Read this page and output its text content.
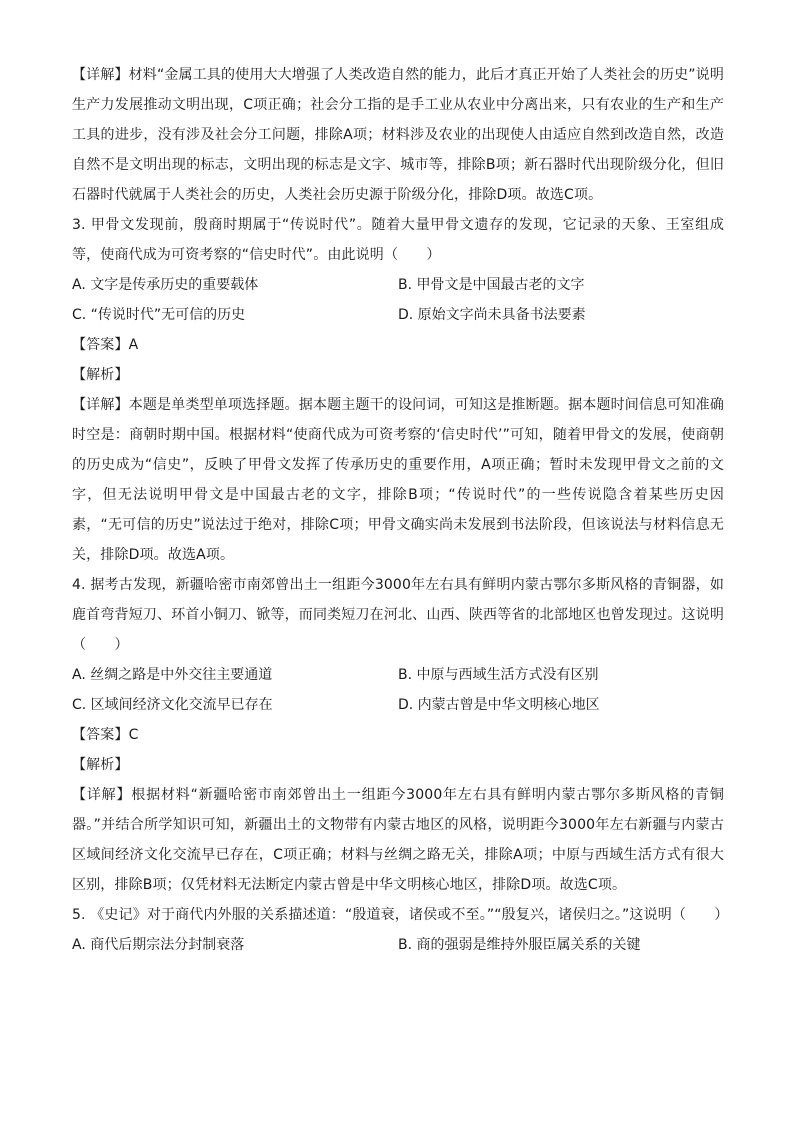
【详解】材料“金属工具的使用大大增强了人类改造自然的能力，此后才真正开始了人类社会的历史”说明生产力发展推动文明出现，C项正确；社会分工指的是手工业从农业中分离出来，只有农业的生产和生产工具的进步，没有涉及社会分工问题，排除A项；材料涉及农业的出现使人由适应自然到改造自然，改造自然不是文明出现的标志，文明出现的标志是文字、城市等，排除B项；新石器时代出现阶级分化，但旧石器时代就属于人类社会的历史，人类社会历史源于阶级分化，排除D项。故选C项。

3. 甲骨文发现前，殷商时期属于“传说时代”。随着大量甲骨文遗存的发现，它记录的天象、王室组成等，使商代成为可资考察的“信史时代”。由此说明（　　）

A. 文字是传承历史的重要载体	B. 甲骨文是中国最古老的文字
C. “传说时代”无可信的历史	D. 原始文字尚未具备书法要素

【答案】A

【解析】

【详解】本题是单类型单项选择题。据本题主题干的设问词，可知这是推断题。据本题时间信息可知准确时空是：商朝时期中国。根据材料“使商代成为可资考察的‘信史时代’”可知，随着甲骨文的发展，使商朝的历史成为“信史”，反映了甲骨文发挥了传承历史的重要作用，A项正确；暂时未发现甲骨文之前的文字，但无法说明甲骨文是中国最古老的文字，排除B项；“传说时代”的一些传说隐含着某些历史因素，“无可信的历史”说法过于绝对，排除C项；甲骨文确实尚未发展到书法阶段，但该说法与材料信息无关，排除D项。故选A项。

4. 据考古发现，新疆哈密市南郊曾出土一组距今3000年左右具有鲜明内蒙古鄂尔多斯风格的青铜器，如鹿首弯背短刀、环首小铜刀、锨等，而同类短刀在河北、山西、陕西等省的北部地区也曾发现过。这说明（　　）

A. 丝绸之路是中外交往主要通道	B. 中原与西域生活方式没有区别
C. 区域间经济文化交流早已存在	D. 内蒙古曾是中华文明核心地区

【答案】C

【解析】

【详解】根据材料“新疆哈密市南郊曾出土一组距今3000年左右具有鲜明内蒙古鄂尔多斯风格的青铜器。”并结合所学知识可知，新疆出土的文物带有内蒙古地区的风格，说明距今3000年左右新疆与内蒙古区域间经济文化交流早已存在，C项正确；材料与丝绸之路无关，排除A项；中原与西域生活方式有很大区别，排除B项；仅凭材料无法断定内蒙古曾是中华文明核心地区，排除D项。故选C项。

5. 《史记》对于商代内外服的关系描述道：“殷道衰，诸侯或不至。”“殷复兴，诸侯归之。”这说明（　　）

A. 商代后期宗法分封制衰落	B. 商的强弱是维持外服臣属关系的关键
